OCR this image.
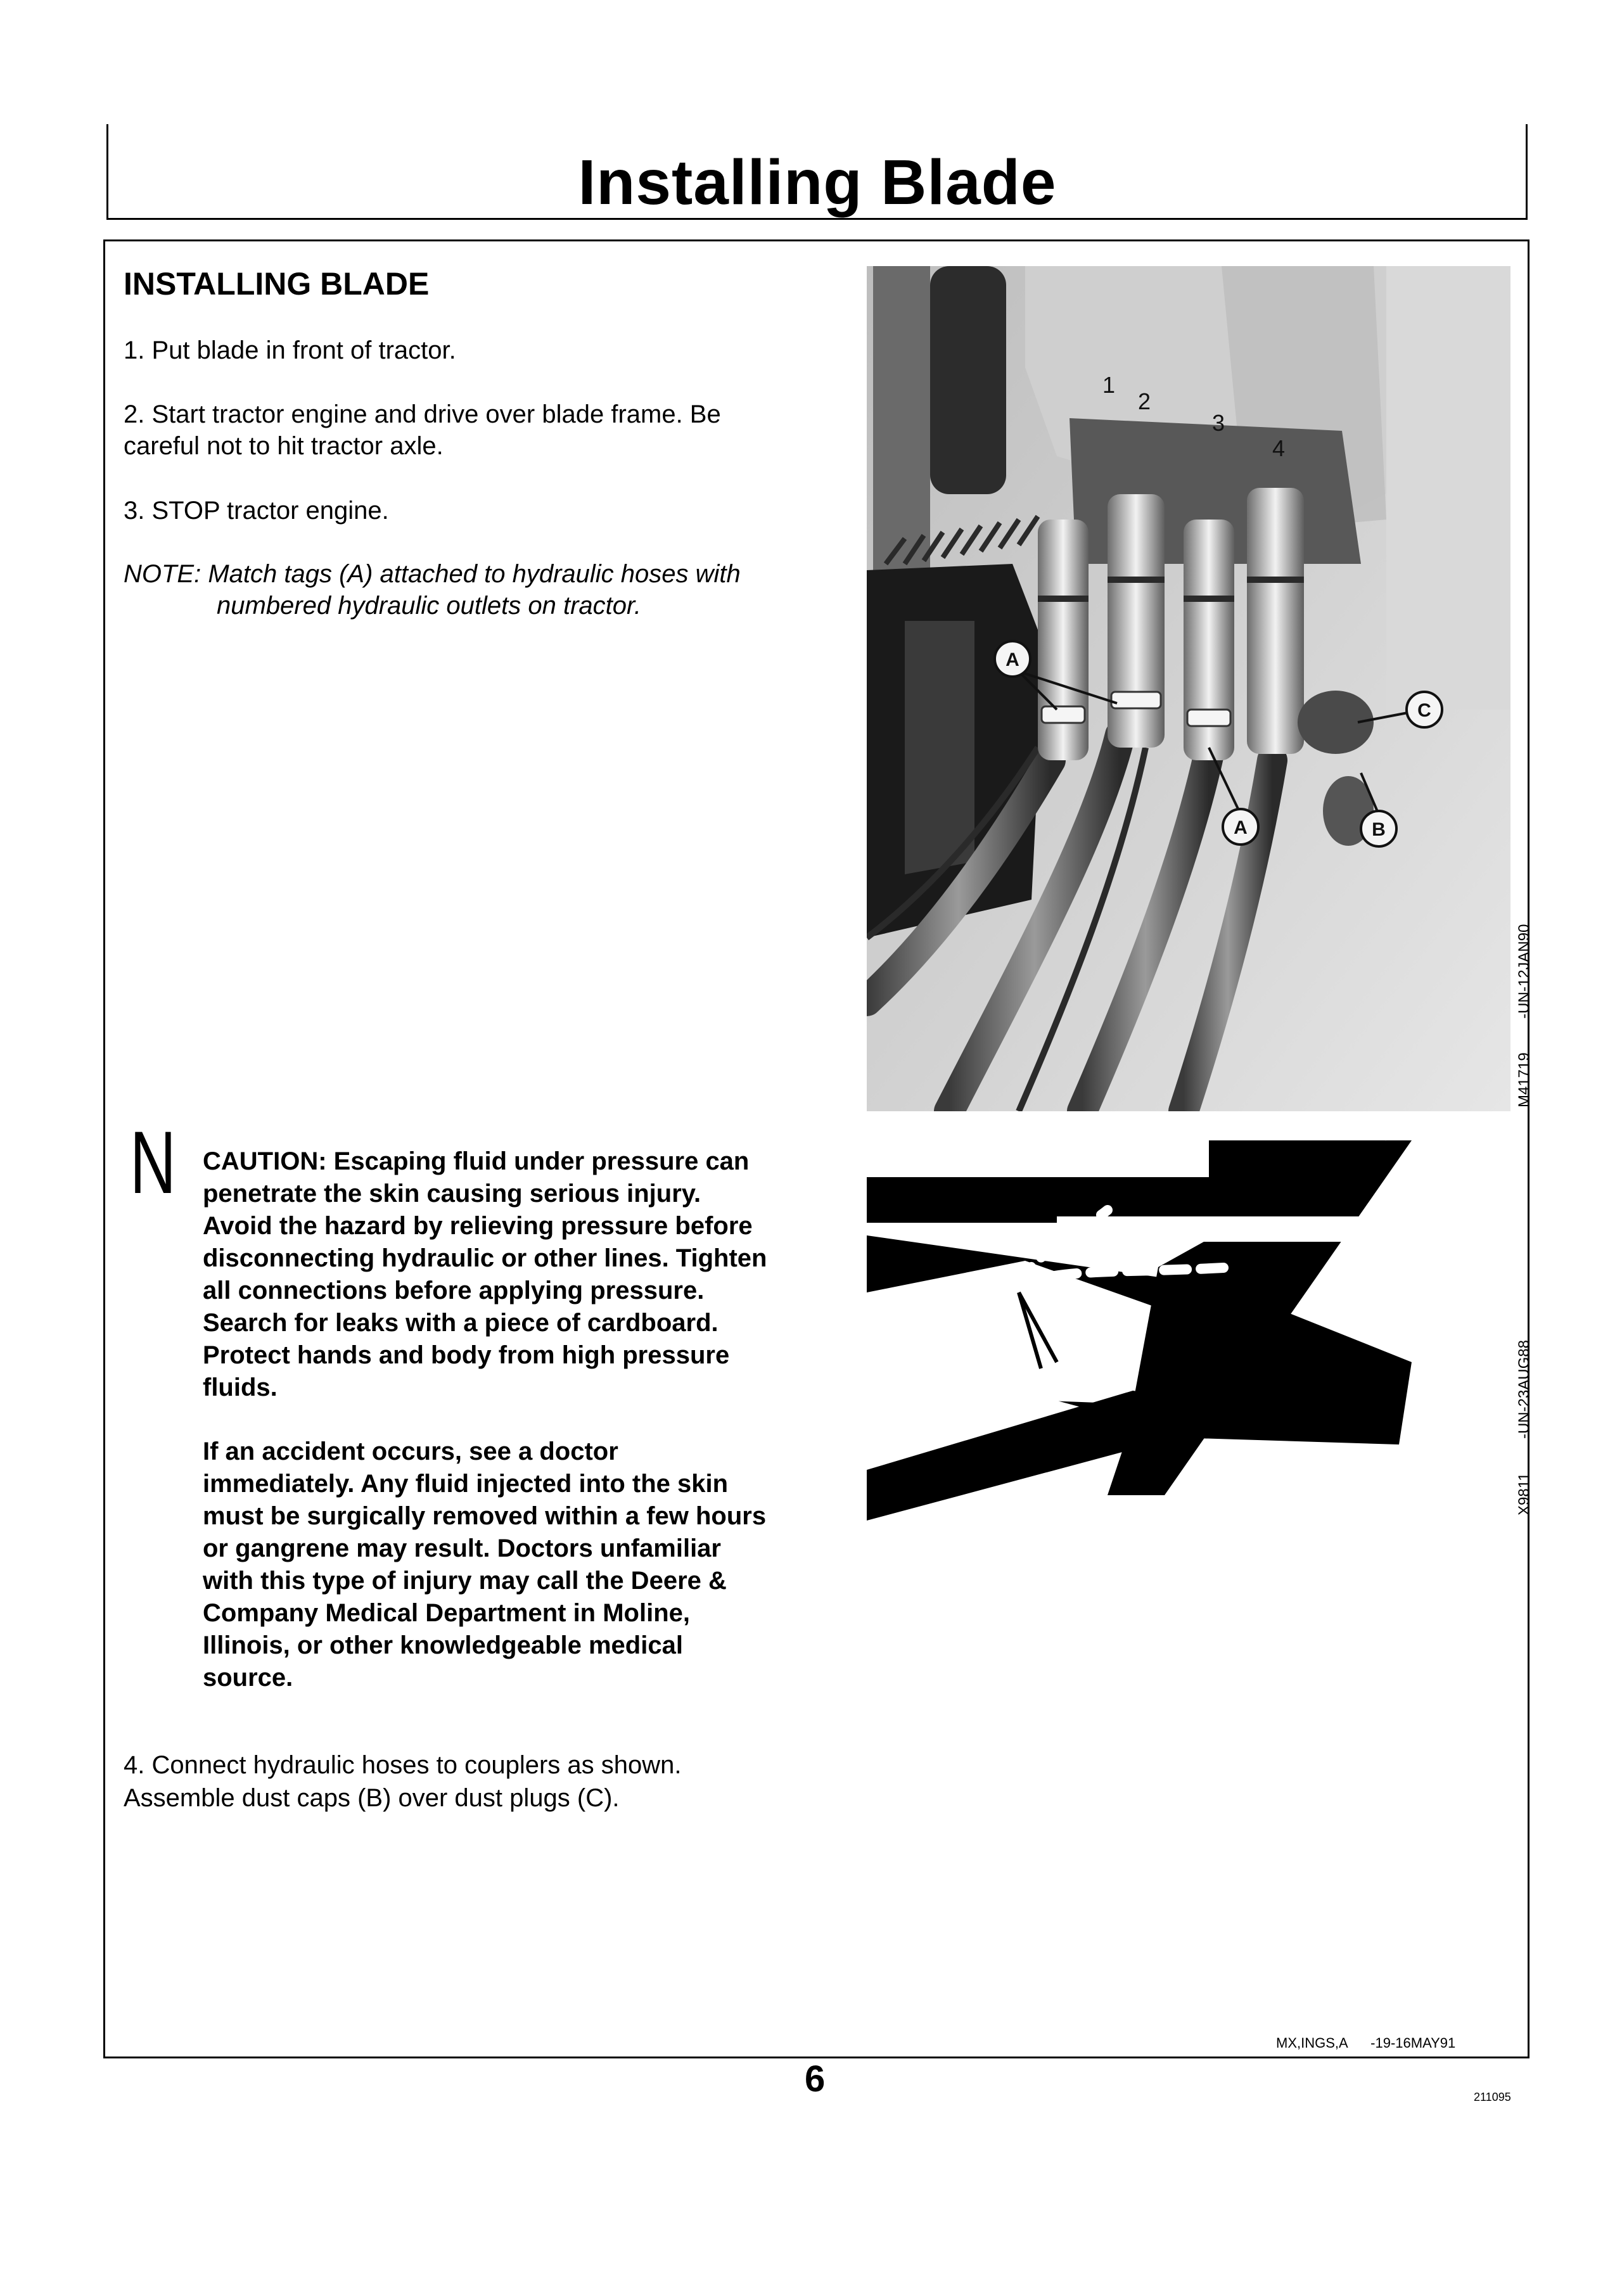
Installing Blade
INSTALLING BLADE
1. Put blade in front of tractor.
2. Start tractor engine and drive over blade frame. Be
careful not to hit tractor axle.
3. STOP tractor engine.
NOTE: Match tags (A) attached to hydraulic hoses with
numbered hydraulic outlets on tractor.
N CAUTION: Escaping fluid under pressure can
penetrate the skin causing serious injury.
Avoid the hazard by relieving pressure before
disconnecting hydraulic or other lines. Tighten
all connections before applying pressure.
Search for leaks with a piece of cardboard.
Protect hands and body from high pressure
fluids.

If an accident occurs, see a doctor
immediately. Any fluid injected into the skin
must be surgically removed within a few hours
or gangrene may result. Doctors unfamiliar
with this type of injury may call the Deere &
Company Medical Department in Moline,
Illinois, or other knowledgeable medical
source.

4. Connect hydraulic hoses to couplers as shown.
Assemble dust caps (B) over dust plugs (C).
A
A
C
B
1
2
3
4
M41719        -UN-12JAN90
X9811        -UN-23AUG88
MX,INGS,A      -19-16MAY91
6	211095
